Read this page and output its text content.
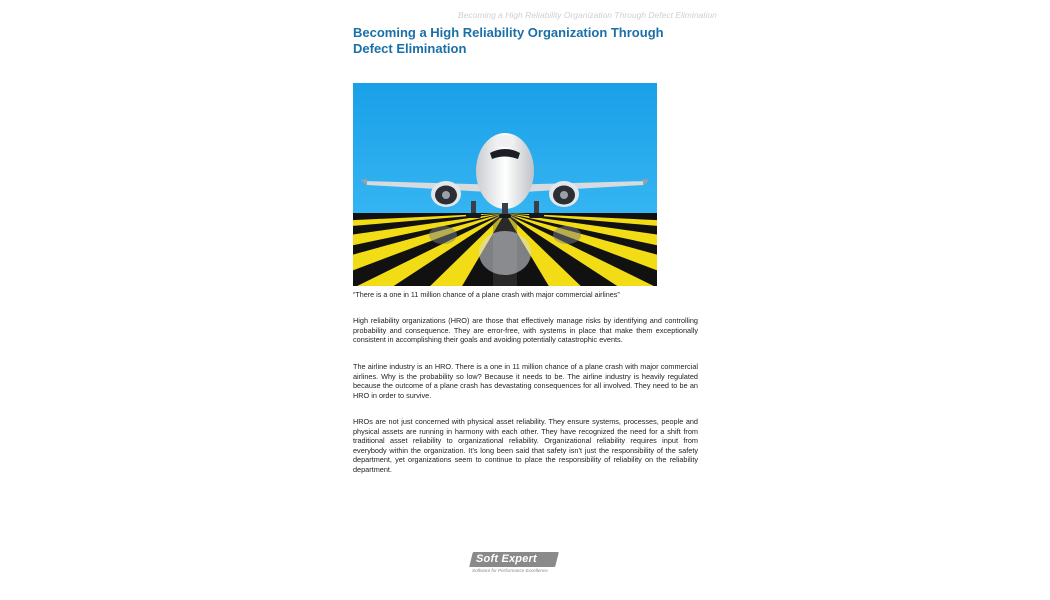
Becoming a High Reliability Organization Through Defect Elimination
Becoming a High Reliability Organization Through Defect Elimination
“There is a one in 11 million chance of a plane crash with major commercial airlines”

High reliability organizations (HRO) are those that effectively manage risks by identifying and controlling probability and consequence. They are error-free, with systems in place that make them exceptionally consistent in accomplishing their goals and avoiding potentially catastrophic events.

The airline industry is an HRO. There is a one in 11 million chance of a plane crash with major commercial airlines. Why is the probability so low? Because it needs to be. The airline industry is heavily regulated because the outcome of a plane crash has devastating consequences for all involved. They need to be an HRO in order to survive.

HROs are not just concerned with physical asset reliability. They ensure systems, processes, people and physical assets are running in harmony with each other. They have recognized the need for a shift from traditional asset reliability to organizational reliability. Organizational reliability requires input from everybody within the organization. It’s long been said that safety isn’t just the responsibility of the safety department, yet organizations seem to continue to place the responsibility of reliability on the reliability department.

Soft Expert
Software for Performance Excellence
